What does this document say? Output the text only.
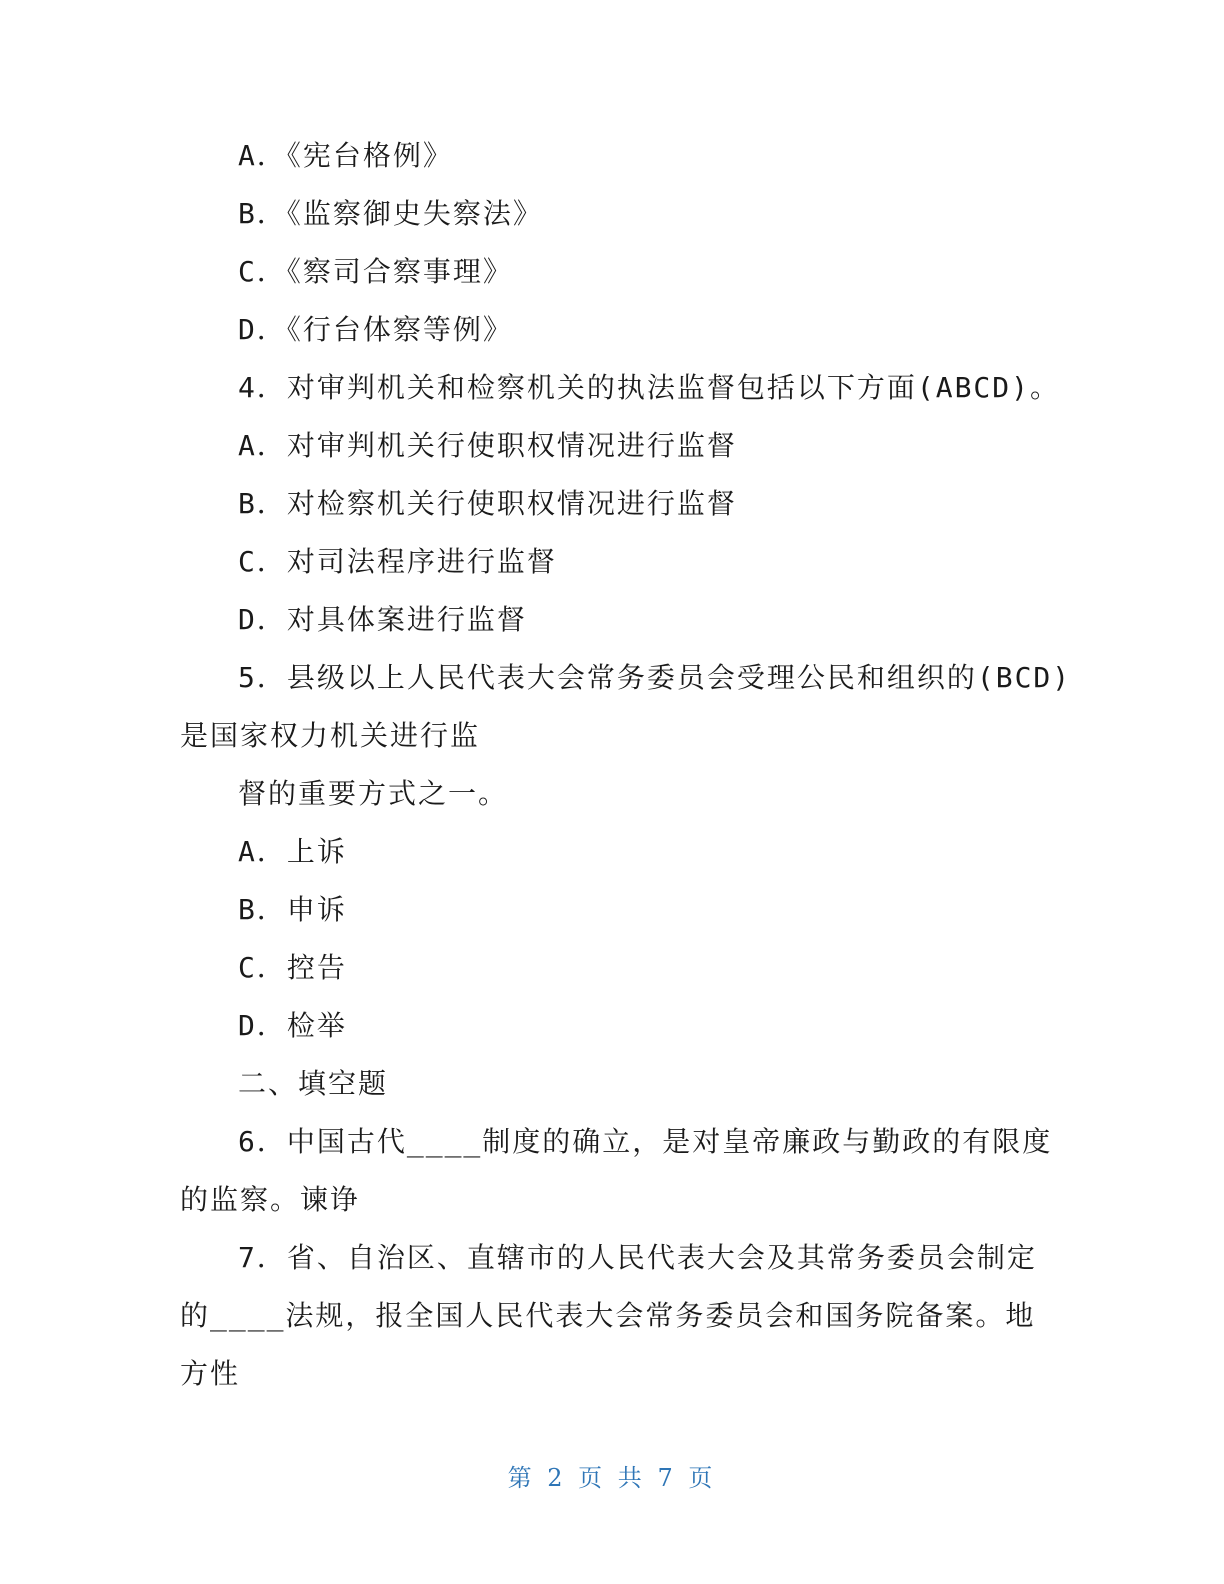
A．《宪台格例》
B．《监察御史失察法》
C．《察司合察事理》
D．《行台体察等例》
4．对审判机关和检察机关的执法监督包括以下方面(ABCD)。
A．对审判机关行使职权情况进行监督
B．对检察机关行使职权情况进行监督
C．对司法程序进行监督
D．对具体案进行监督
5．县级以上人民代表大会常务委员会受理公民和组织的(BCD)
是国家权力机关进行监
督的重要方式之一。
A．上诉
B．申诉
C．控告
D．检举
二、填空题
6．中国古代____制度的确立，是对皇帝廉政与勤政的有限度
的监察。谏诤
7．省、自治区、直辖市的人民代表大会及其常务委员会制定
的____法规，报全国人民代表大会常务委员会和国务院备案。地
方性
第 2 页 共 7 页
